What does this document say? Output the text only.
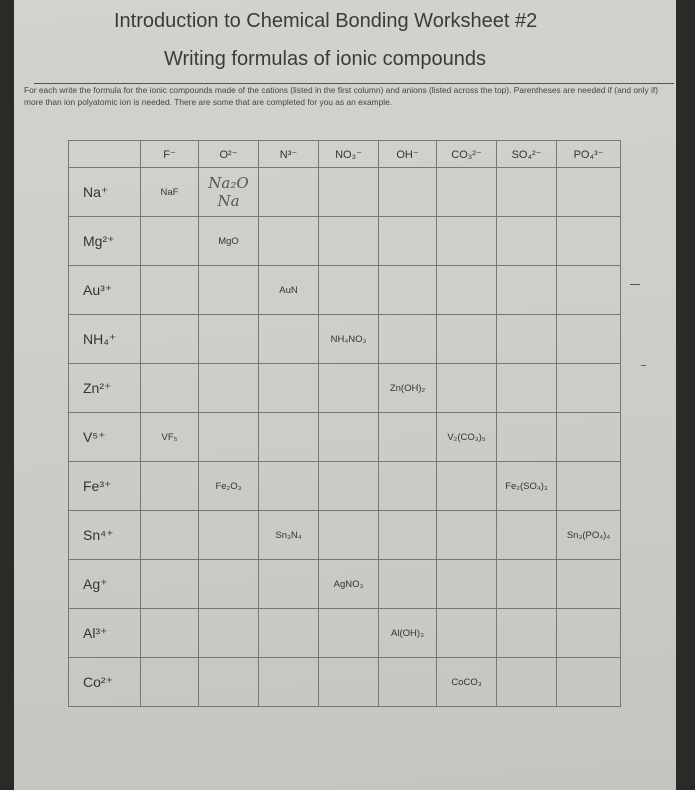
Introduction to Chemical Bonding Worksheet #2
Writing formulas of ionic compounds
For each write the formula for the ionic compounds made of the cations (listed in the first column) and anions (listed across the top). Parentheses are needed if (and only if) more than ion polyatomic ion is needed. There are some that are completed for you as an example.
	F⁻	O²⁻	N³⁻	NO₃⁻	OH⁻	CO₃²⁻	SO₄²⁻	PO₄³⁻
Na⁺	NaF	Na₂O Na						
Mg²⁺		MgO						
Au³⁺			AuN					
NH₄⁺				NH₄NO₃				
Zn²⁺					Zn(OH)₂			
V⁵⁺	VF₅					V₂(CO₃)₅		
Fe³⁺		Fe₂O₃					Fe₂(SO₄)₃	
Sn⁴⁺			Sn₃N₄					Sn₃(PO₄)₄
Ag⁺				AgNO₃				
Al³⁺					Al(OH)₃			
Co²⁺						CoCO₃		
